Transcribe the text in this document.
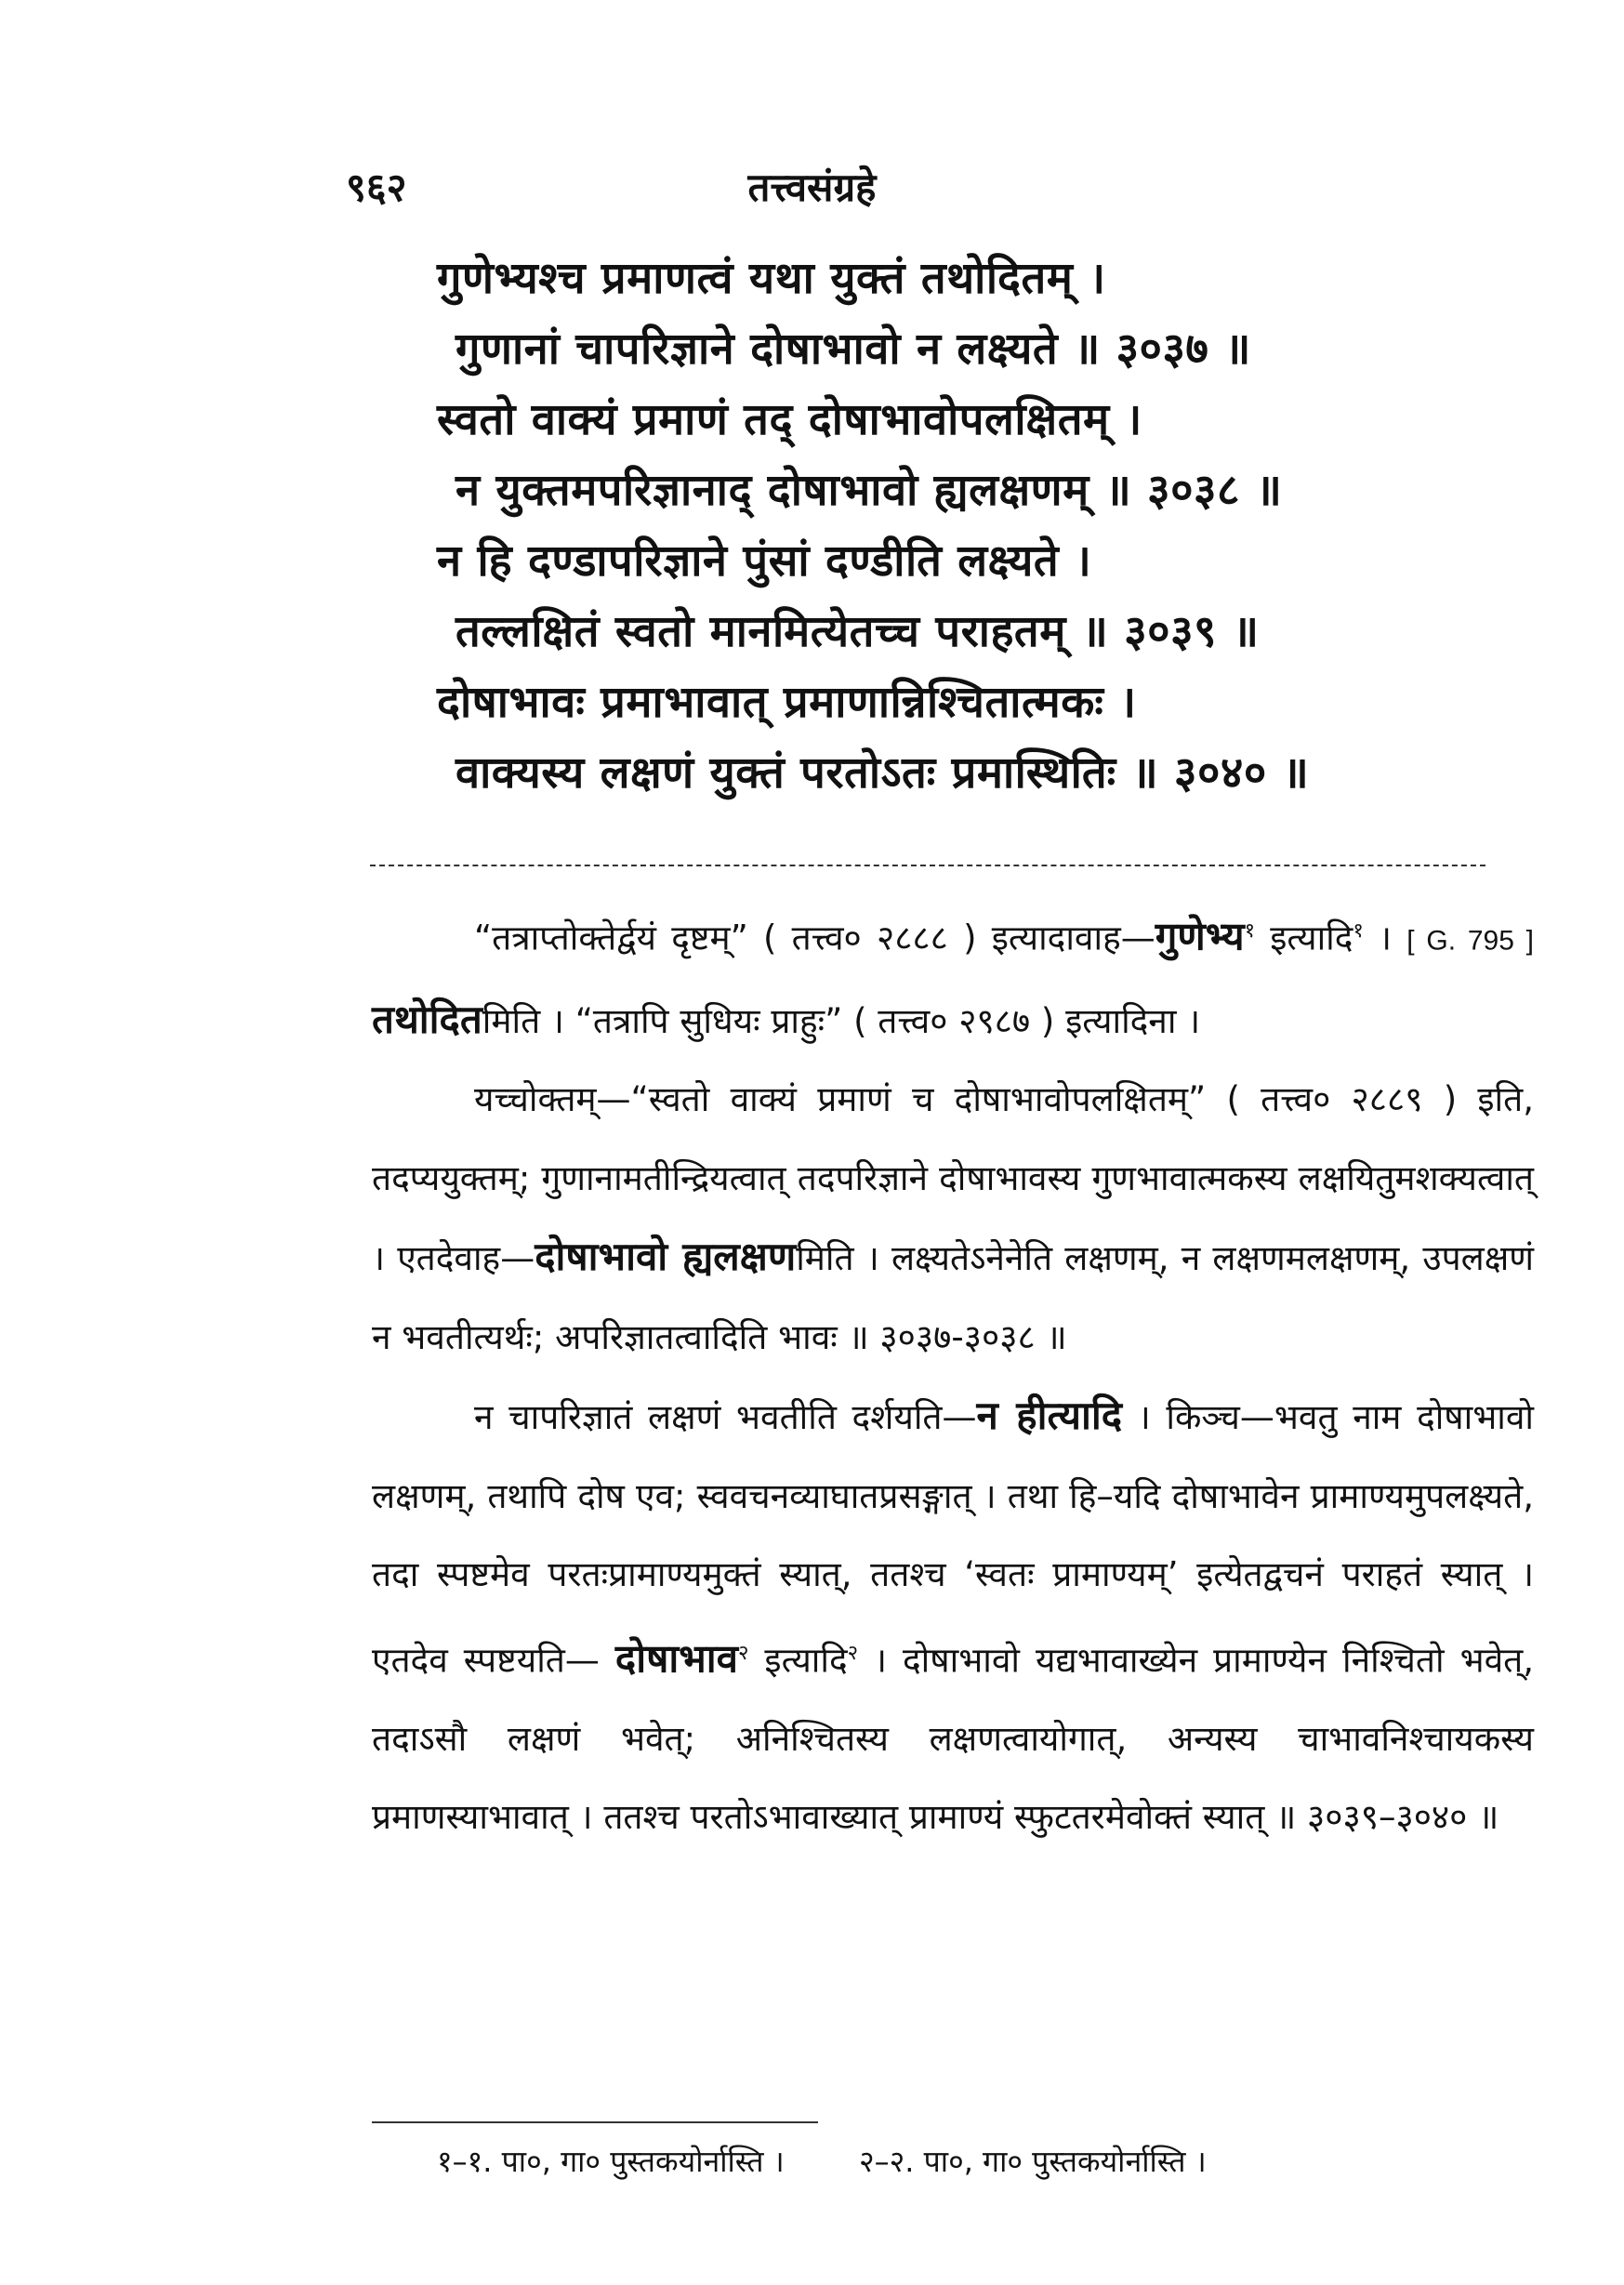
९६२	तत्त्वसंग्रहे
गुणेभ्यश्च प्रमाणत्वं यथा युक्तं तथोदितम् ।
गुणानां चापरिज्ञाने दोषाभावो न लक्ष्यते ॥ ३०३७ ॥
स्वतो वाक्यं प्रमाणं तद् दोषाभावोपलक्षितम् ।
न युक्तमपरिज्ञानाद् दोषाभावो ह्यलक्षणम् ॥ ३०३८ ॥
न हि दण्डापरिज्ञाने पुंसां दण्डीति लक्ष्यते ।
तल्लक्षितं स्वतो मानमित्येतच्च पराहतम् ॥ ३०३९ ॥
दोषाभावः प्रमाभावात् प्रमाणान्निश्चितात्मकः ।
वाक्यस्य लक्षणं युक्तं परतोऽतः प्रमास्थितिः ॥ ३०४० ॥
“तत्राप्तोक्तेर्द्वयं दृष्टम्” ( तत्त्व० २८८८ ) इत्यादावाह—गुणेभ्य$^१$ इत्यादि$^१$ । [ G. 795 ] तथोदितमिति । “तत्रापि सुधियः प्राहुः” ( तत्त्व० २९८७ ) इत्यादिना ।
यच्चोक्तम्—“स्वतो वाक्यं प्रमाणं च दोषाभावोपलक्षितम्” ( तत्त्व० २८८९ ) इति, तदप्ययुक्तम्; गुणानामतीन्द्रियत्वात् तदपरिज्ञाने दोषाभावस्य गुणभावात्मकस्य लक्षयितुमशक्यत्वात् । एतदेवाह—दोषाभावो ह्यलक्षणमिति । लक्ष्यतेऽनेनेति लक्षणम्, न लक्षणमलक्षणम्, उपलक्षणं न भवतीत्यर्थः; अपरिज्ञातत्वादिति भावः ॥ ३०३७-३०३८ ॥
न चापरिज्ञातं लक्षणं भवतीति दर्शयति—न हीत्यादि । किञ्च—भवतु नाम दोषाभावो लक्षणम्, तथापि दोष एव; स्ववचनव्याघातप्रसङ्गात् । तथा हि–यदि दोषाभावेन प्रामाण्यमुपलक्ष्यते, तदा स्पष्टमेव परतःप्रामाण्यमुक्तं स्यात्, ततश्च ‘स्वतः प्रामाण्यम्’ इत्येतद्वचनं पराहतं स्यात् । एतदेव स्पष्टयति— दोषाभाव$^२$ इत्यादि$^२$ । दोषाभावो यद्यभावाख्येन प्रामाण्येन निश्चितो भवेत्, तदाऽसौ लक्षणं भवेत्; अनिश्चितस्य लक्षणत्वायोगात्, अन्यस्य चाभावनिश्चायकस्य प्रमाणस्याभावात् । ततश्च परतोऽभावाख्यात् प्रामाण्यं स्फुटतरमेवोक्तं स्यात् ॥ ३०३९–३०४० ॥
१–१. पा०, गा० पुस्तकयोर्नास्ति ।	२–२. पा०, गा० पुस्तकयोर्नास्ति ।
